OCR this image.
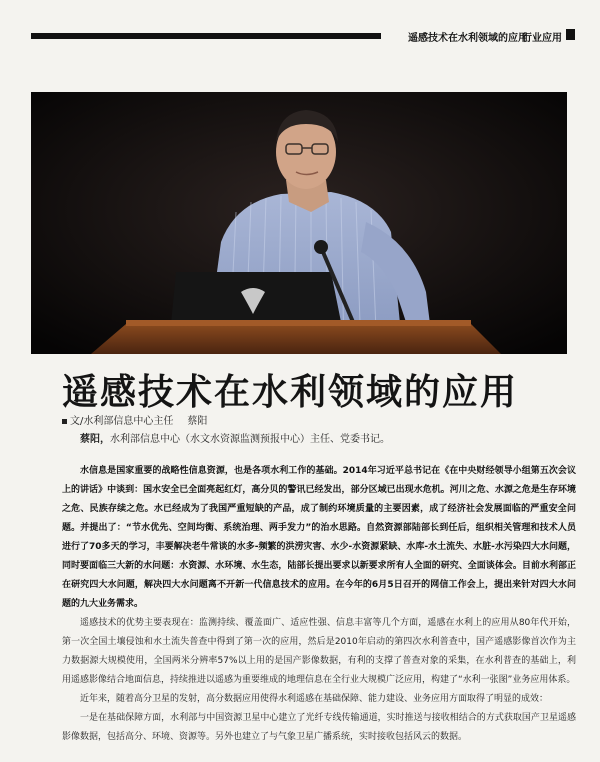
遥感技术在水利领域的应用
行业应用
遥感技术在水利领域的应用
文/水利部信息中心主任 蔡阳
蔡阳，水利部信息中心（水文水资源监测预报中心）主任、党委书记。

水信息是国家重要的战略性信息资源，也是各项水利工作的基础。2014年习近平总书记在《在中央财经领导小组第五次会议上的讲话》中谈到：国水安全已全面亮起红灯，高分贝的警讯已经发出，部分区域已出现水危机。河川之危、水源之危是生存环境之危、民族存续之危。水已经成为了我国严重短缺的产品，成了制约环境质量的主要因素，成了经济社会发展面临的严重安全问题。并提出了：“节水优先、空间均衡、系统治理、两手发力”的治水思路。自然资源部陆部长到任后，组织相关管理和技术人员进行了70多天的学习，丰要解决老牛常谈的水多-频繁的洪涝灾害、水少-水资源紧缺、水库-水土流失、水脏-水污染四大水问题，同时要面临三大新的水问题：水资源、水环境、水生态，陆部长提出要求以新要求所有人全面的研究、全面谈体会。目前水利部正在研究四大水问题，解决四大水问题离不开新一代信息技术的应用。在今年的6月5日召开的网信工作会上，提出来针对四大水问题的九大业务需求。

遥感技术的优势主要表现在：监测持续、覆盖面广、适应性强、信息丰富等几个方面，遥感在水利上的应用从80年代开始，第一次全国土壤侵蚀和水土流失普查中得到了第一次的应用，然后是2010年启动的第四次水利普查中，国产遥感影像首次作为主力数据源大规模使用，全国两米分辨率57%以上用的是国产影像数据，有利的支撑了普查对象的采集，在水利普查的基础上，利用遥感影像结合地面信息，持续推进以遥感为重要维成的地理信息在全行业大规模广泛应用，构建了“水利一张图”业务应用体系。

近年来，随着高分卫星的发射，高分数据应用使得水利遥感在基础保障、能力建设、业务应用方面取得了明显的成效：

一是在基础保障方面，水利部与中国资源卫星中心建立了光纤专线传输通道，实时推送与接收相结合的方式获取国产卫星遥感影像数据，包括高分、环境、资源等。另外也建立了与气象卫星广播系统，实时接收包括风云的数据。
